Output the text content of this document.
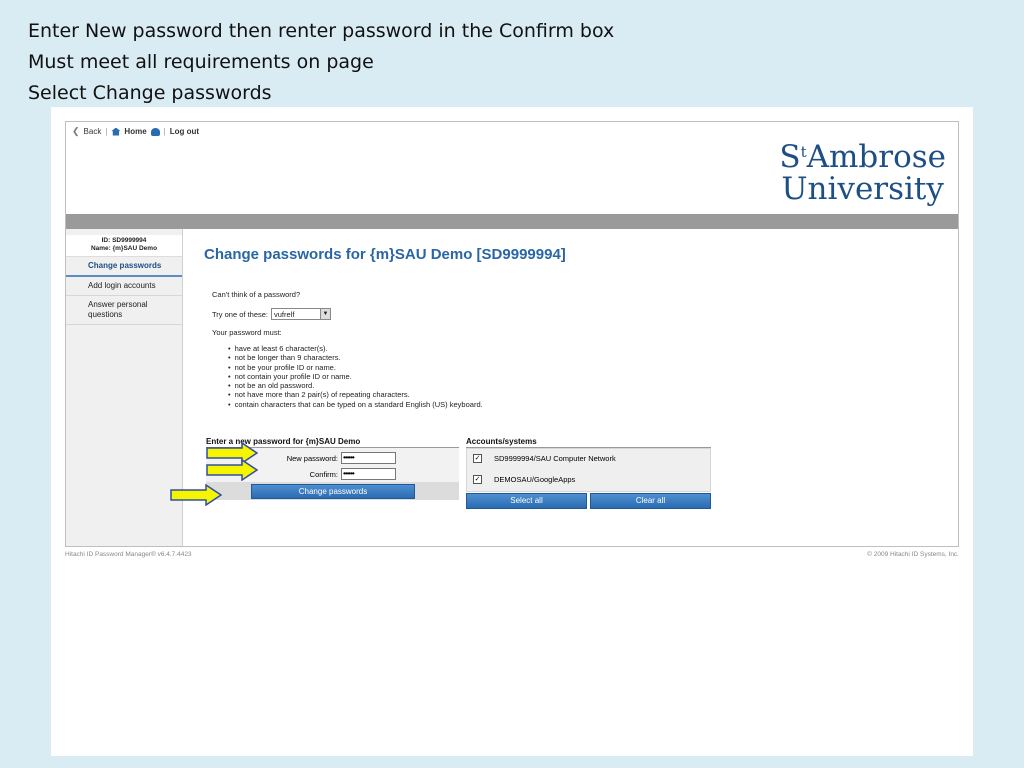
Enter New password then renter password in the Confirm box
Must meet all requirements on page
Select Change passwords
❮ Back | Home | Log out
$S^tAmbrose$
University
ID: SD9999994
Name: {m}SAU Demo
Change passwords
Add login accounts
Answer personal questions
Change passwords for {m}SAU Demo [SD9999994]
Can't think of a password?
Try one of these: vufrelf	▼
Your password must:
• have at least 6 character(s).
• not be longer than 9 characters.
• not be your profile ID or name.
• not contain your profile ID or name.
• not be an old password.
• not have more than 2 pair(s) of repeating characters.
• contain characters that can be typed on a standard English (US) keyboard.
Enter a new password for {m}SAU Demo
New password: ••••••
Confirm: ••••••
Change passwords
Accounts/systems
✓ SD9999994/SAU Computer Network
✓ DEMOSAU/GoogleApps
Select all	Clear all
Hitachi ID Password Manager® v6.4.7.4423	© 2009 Hitachi ID Systems, Inc.
